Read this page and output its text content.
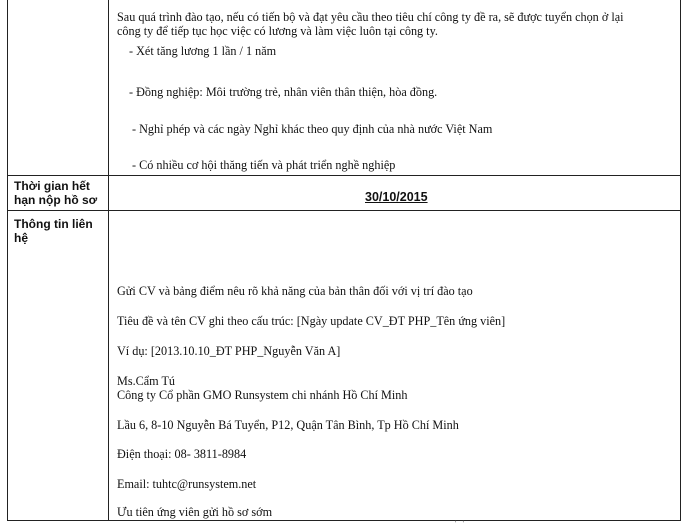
Sau quá trình đào tạo, nếu có tiến bộ và đạt yêu cầu theo tiêu chí công ty đề ra, sẽ được tuyển chọn ở lại
công ty để tiếp tục học việc có lương và làm việc luôn tại công ty.
- Xét tăng lương 1 lần / 1 năm
- Đồng nghiệp: Môi trường trẻ, nhân viên thân thiện, hòa đồng.
- Nghỉ phép và các ngày Nghỉ khác theo quy định của nhà nước Việt Nam
- Có nhiều cơ hội thăng tiến và phát triển nghề nghiệp
Thời gian hết
hạn nộp hồ sơ	30/10/2015
Thông tin liên
hệ
Gửi CV và bảng điểm nêu rõ khả năng của bản thân đối với vị trí đào tạo
Tiêu đề và tên CV ghi theo cấu trúc: [Ngày update CV_ĐT PHP_Tên ứng viên]
Ví dụ: [2013.10.10_ĐT PHP_Nguyễn Văn A]
Ms.Cẩm Tú
Công ty Cổ phần GMO Runsystem chi nhánh Hồ Chí Minh
Lầu 6, 8-10 Nguyễn Bá Tuyển, P12, Quận Tân Bình, Tp Hồ Chí Minh
Điện thoại: 08- 3811-8984
Email: tuhtc@runsystem.net
Ưu tiên ứng viên gửi hồ sơ sớm
' '
